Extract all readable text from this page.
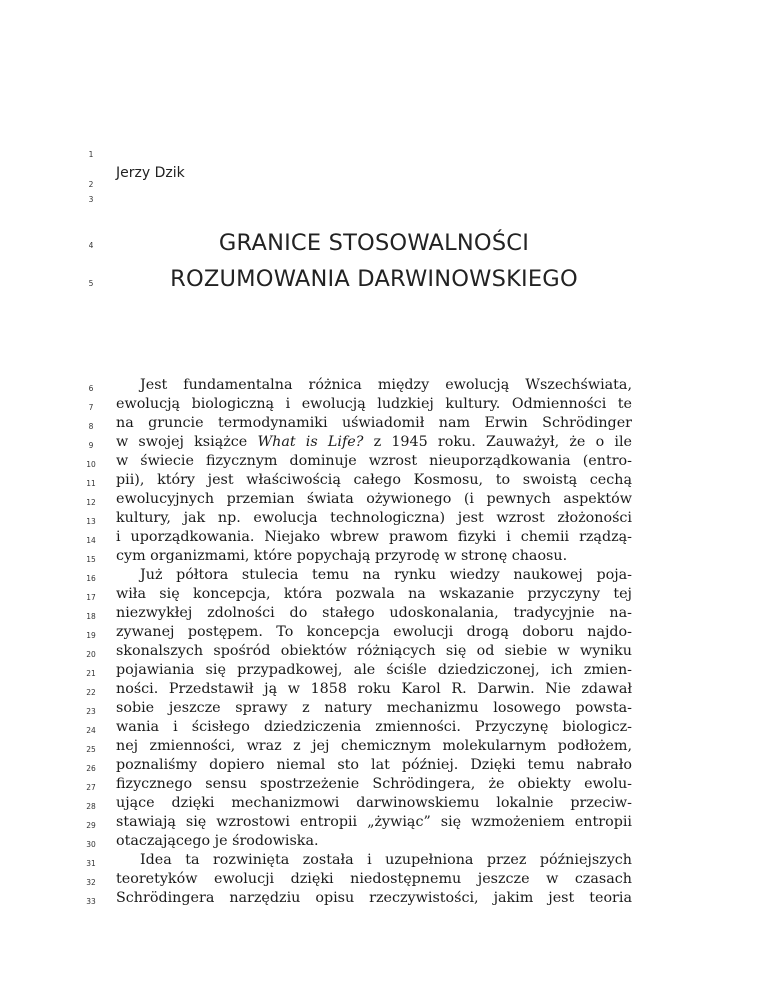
1
2
3
4
5
6
7
8
9
10
11
12
13
14
15
16
17
18
19
20
21
22
23
24
25
26
27
28
29
30
31
32
33
Jerzy Dzik
GRANICE STOSOWALNOŚCI
ROZUMOWANIA DARWINOWSKIEGO
Jest fundamentalna różnica między ewolucją Wszechświata,
ewolucją biologiczną i ewolucją ludzkiej kultury. Odmienności te
na gruncie termodynamiki uświadomił nam Erwin Schrödinger
w swojej książce What is Life? z 1945 roku. Zauważył, że o ile
w świecie fizycznym dominuje wzrost nieuporządkowania (entro-
pii), który jest właściwością całego Kosmosu, to swoistą cechą
ewolucyjnych przemian świata ożywionego (i pewnych aspektów
kultury, jak np. ewolucja technologiczna) jest wzrost złożoności
i uporządkowania. Niejako wbrew prawom fizyki i chemii rządzą-
cym organizmami, które popychają przyrodę w stronę chaosu.
Już półtora stulecia temu na rynku wiedzy naukowej poja-
wiła się koncepcja, która pozwala na wskazanie przyczyny tej
niezwykłej zdolności do stałego udoskonalania, tradycyjnie na-
zywanej postępem. To koncepcja ewolucji drogą doboru najdo-
skonalszych spośród obiektów różniących się od siebie w wyniku
pojawiania się przypadkowej, ale ściśle dziedziczonej, ich zmien-
ności. Przedstawił ją w 1858 roku Karol R. Darwin. Nie zdawał
sobie jeszcze sprawy z natury mechanizmu losowego powsta-
wania i ścisłego dziedziczenia zmienności. Przyczynę biologicz-
nej zmienności, wraz z jej chemicznym molekularnym podłożem,
poznaliśmy dopiero niemal sto lat później. Dzięki temu nabrało
fizycznego sensu spostrzeżenie Schrödingera, że obiekty ewolu-
ujące dzięki mechanizmowi darwinowskiemu lokalnie przeciw-
stawiają się wzrostowi entropii „żywiąc” się wzmożeniem entropii
otaczającego je środowiska.
Idea ta rozwinięta została i uzupełniona przez późniejszych
teoretyków ewolucji dzięki niedostępnemu jeszcze w czasach
Schrödingera narzędziu opisu rzeczywistości, jakim jest teoria
